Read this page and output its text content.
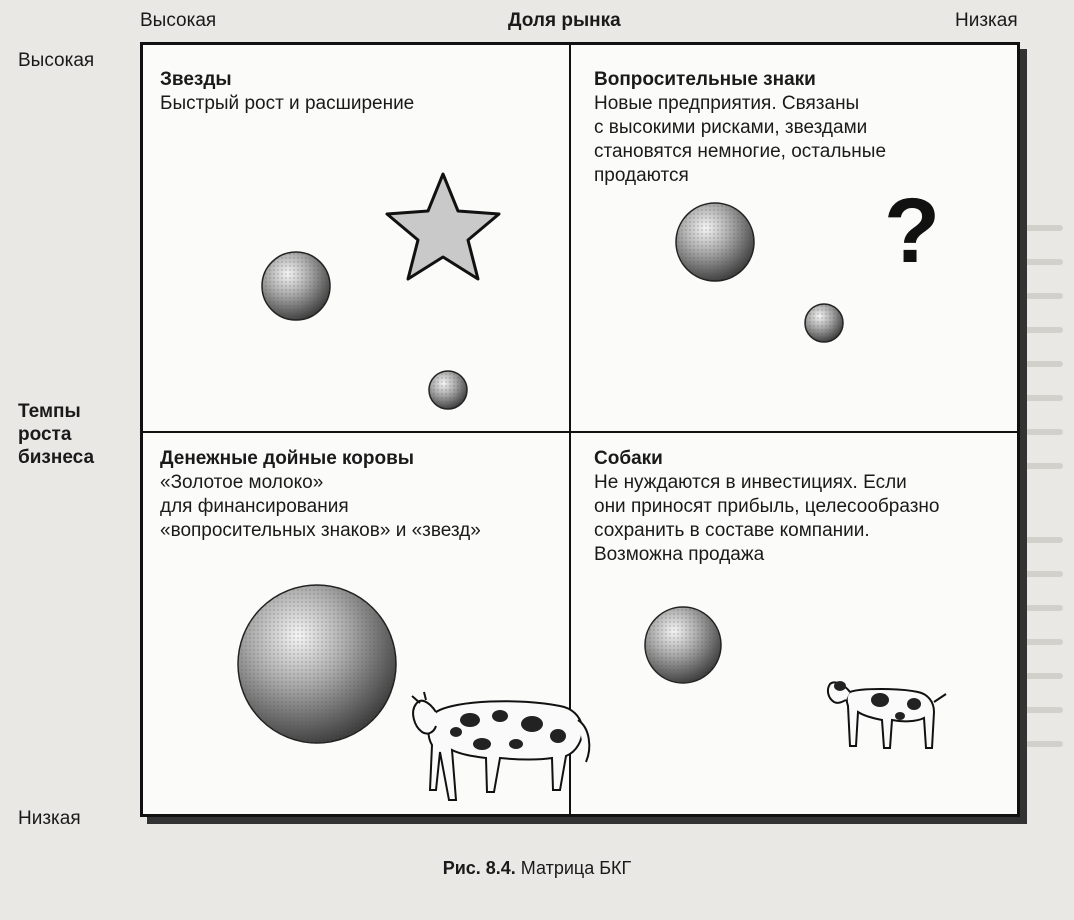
Высокая	Доля рынка	Низкая
Высокая
Темпы
роста
бизнеса
Низкая
Звезды
Быстрый рост и расширение
Вопросительные знаки
Новые предприятия. Связаны
с высокими рисками, звездами
становятся немногие, остальные
продаются
Денежные дойные коровы
«Золотое молоко»
для финансирования
«вопросительных знаков» и «звезд»
Собаки
Не нуждаются в инвестициях. Если
они приносят прибыль, целесообразно
сохранить в составе компании.
Возможна продажа
?
Рис. 8.4. Матрица БКГ
